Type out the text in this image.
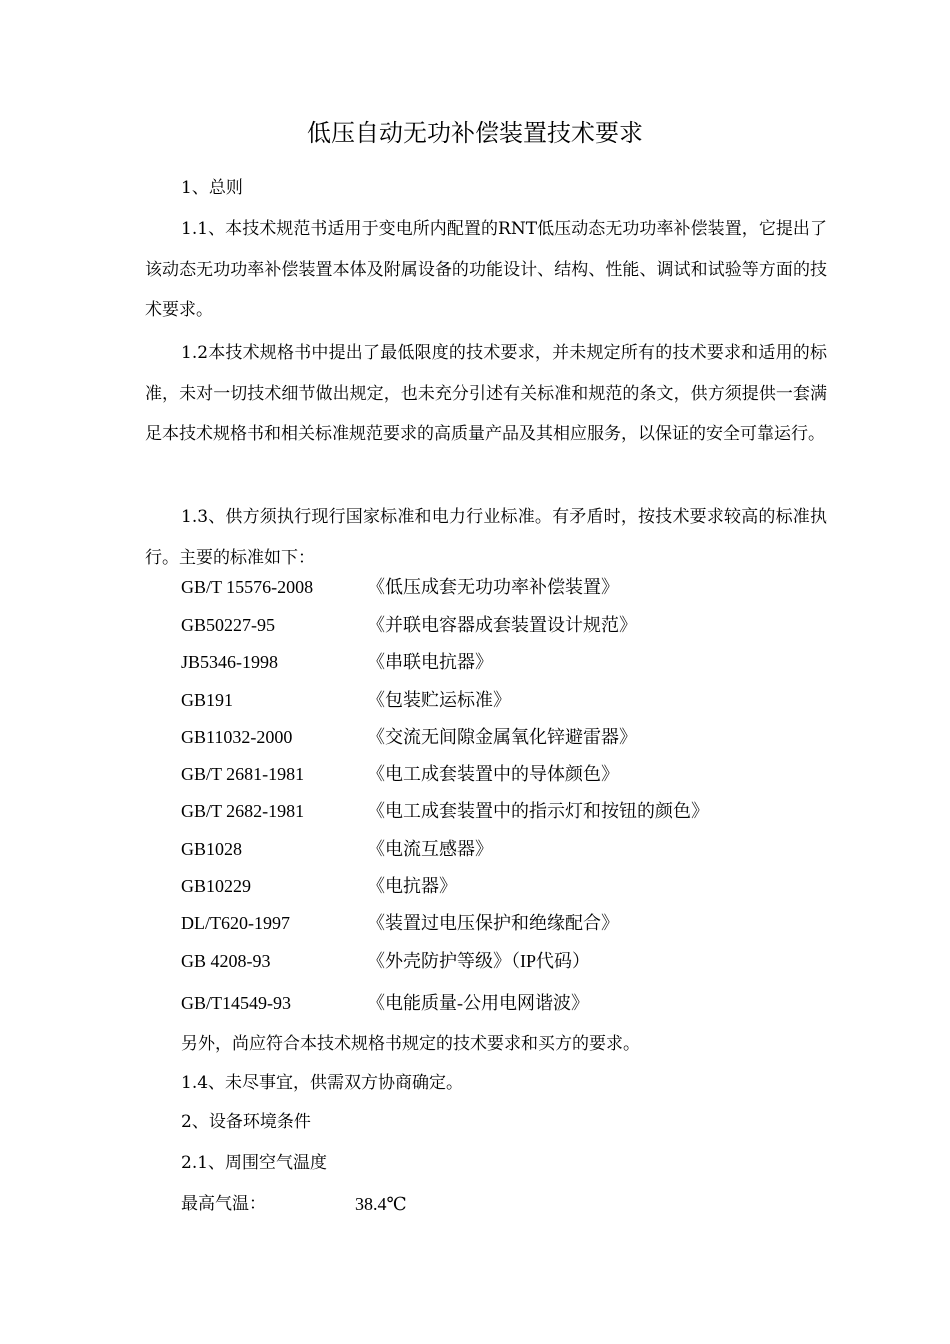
低压自动无功补偿装置技术要求
1、总则

1.1、本技术规范书适用于变电所内配置的RNT低压动态无功功率补偿装置，它提出了该动态无功功率补偿装置本体及附属设备的功能设计、结构、性能、调试和试验等方面的技术要求。

1.2本技术规格书中提出了最低限度的技术要求，并未规定所有的技术要求和适用的标准，未对一切技术细节做出规定，也未充分引述有关标准和规范的条文，供方须提供一套满足本技术规格书和相关标准规范要求的高质量产品及其相应服务，以保证的安全可靠运行。

1.3、供方须执行现行国家标准和电力行业标准。有矛盾时，按技术要求较高的标准执行。主要的标准如下：

GB/T 15576-2008	《低压成套无功功率补偿装置》
GB50227-95	《并联电容器成套装置设计规范》
JB5346-1998	《串联电抗器》
GB191	《包装贮运标准》
GB11032-2000	《交流无间隙金属氧化锌避雷器》
GB/T 2681-1981	《电工成套装置中的导体颜色》
GB/T 2682-1981	《电工成套装置中的指示灯和按钮的颜色》
GB1028	《电流互感器》
GB10229	《电抗器》
DL/T620-1997	《装置过电压保护和绝缘配合》
GB 4208-93	《外壳防护等级》（IP代码）
GB/T14549-93	《电能质量-公用电网谐波》
另外，尚应符合本技术规格书规定的技术要求和买方的要求。
1.4、未尽事宜，供需双方协商确定。
2、设备环境条件
2.1、周围空气温度
最高气温：	38.4℃
